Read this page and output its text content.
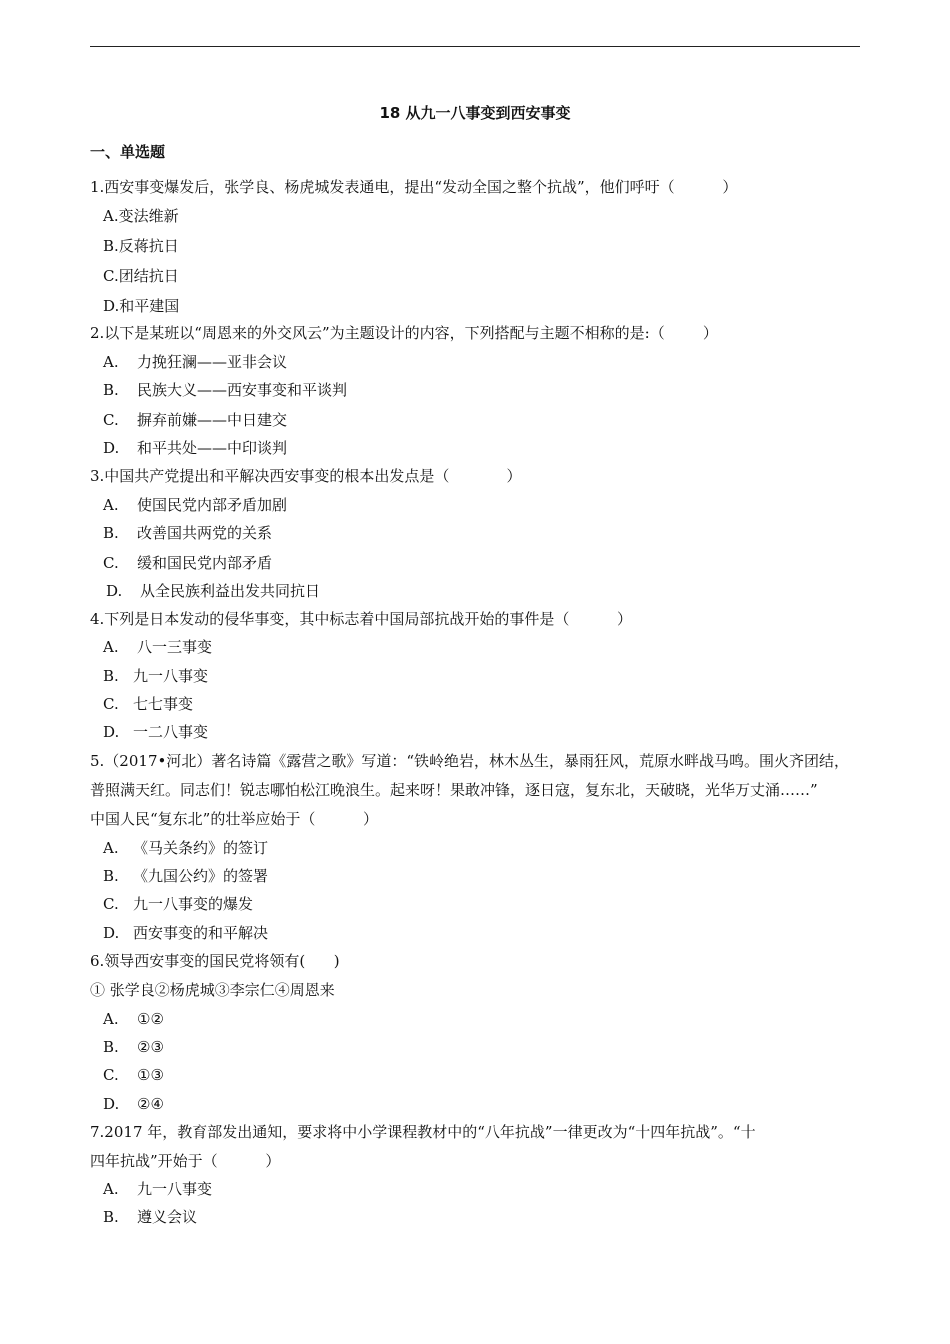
18 从九一八事变到西安事变
一、单选题
1.西安事变爆发后，张学良、杨虎城发表通电，提出“发动全国之整个抗战”，他们呼吁（          ）
A.变法维新
B.反蒋抗日
C.团结抗日
D.和平建国
2.以下是某班以“周恩来的外交风云”为主题设计的内容，下列搭配与主题不相称的是:（        ）
A. 力挽狂澜——亚非会议
B. 民族大义——西安事变和平谈判
C. 摒弃前嫌——中日建交
D. 和平共处——中印谈判
3.中国共产党提出和平解决西安事变的根本出发点是（            ）
A. 使国民党内部矛盾加剧
B. 改善国共两党的关系
C. 缓和国民党内部矛盾
D. 从全民族利益出发共同抗日
4.下列是日本发动的侵华事变，其中标志着中国局部抗战开始的事件是（          ）
A. 八一三事变
B. 九一八事变
C. 七七事变
D. 一二八事变
5.（2017•河北）著名诗篇《露营之歌》写道：“铁岭绝岩，林木丛生，暴雨狂风，荒原水畔战马鸣。围火齐团结，
普照满天红。同志们！锐志哪怕松江晚浪生。起来呀！果敢冲锋，逐日寇，复东北，天破晓，光华万丈涌……”
中国人民“复东北”的壮举应始于（          ）
A. 《马关条约》的签订
B. 《九国公约》的签署
C. 九一八事变的爆发
D. 西安事变的和平解决
6.领导西安事变的国民党将领有(      )
① 张学良②杨虎城③李宗仁④周恩来
A. ①②
B. ②③
C. ①③
D. ②④
7.2017 年，教育部发出通知，要求将中小学课程教材中的“八年抗战”一律更改为“十四年抗战”。“十
四年抗战”开始于（          ）
A. 九一八事变
B. 遵义会议
